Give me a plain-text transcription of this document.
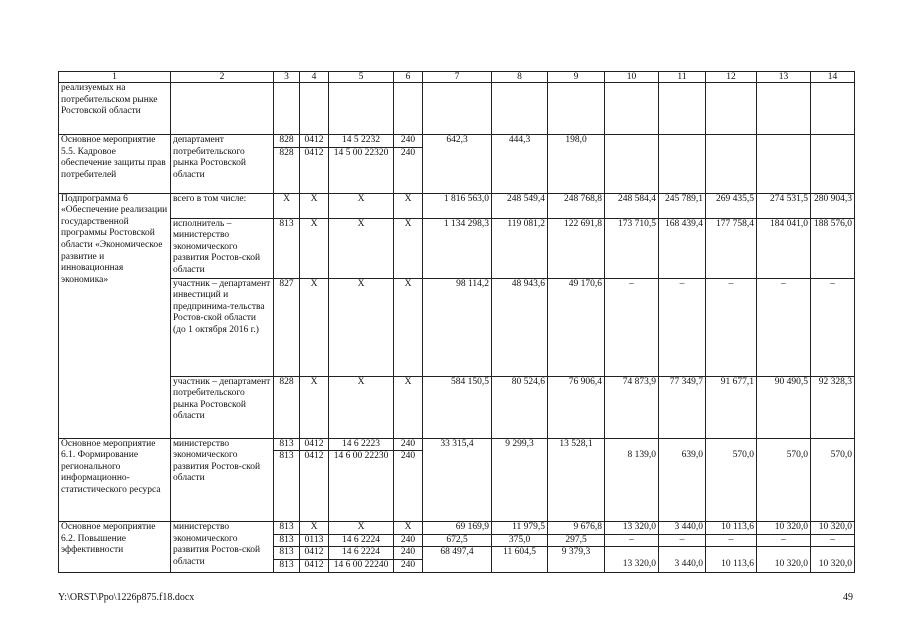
1	2	3	4	5	6	7	8	9	10	11	12	13	14
реализуемых на потребительском рынке Ростовской области													
Основное мероприятие 5.5. Кадровое обеспечение защиты прав потребителей	департамент потребительского рынка Ростовской области	828	0412	14 5 2232	240	642,3	444,3	198,0					
		828	0412	14 5 00 22320	240								
Подпрограмма 6 «Обеспечение реализации государственной программы Ростовской области «Экономическое развитие и инновационная экономика»	всего в том числе:	X	X	X	X	1 816 563,0	248 549,4	248 768,8	248 584,4	245 789,1	269 435,5	274 531,5	280 904,3
	исполнитель – министерство экономического развития Ростов-ской области	813	X	X	X	1 134 298,3	119 081,2	122 691,8	173 710,5	168 439,4	177 758,4	184 041,0	188 576,0
	участник – департамент инвестиций и предпринима-тельства Ростов-ской области (до 1 октября 2016 г.)	827	X	X	X	98 114,2	48 943,6	49 170,6	–	–	–	–	–
	участник – департамент потребительского рынка Ростовской области	828	X	X	X	584 150,5	80 524,6	76 906,4	74 873,9	77 349,7	91 677,1	90 490,5	92 328,3
Основное мероприятие 6.1. Формирование регионального информационно-статистического ресурса	министерство экономического развития Ростов-ской области	813	0412	14 6 2223	240	33 315,4	9 299,3	13 528,1	8 139,0	639,0	570,0	570,0	570,0

		813	0412	14 6 00 22230	240								
Основное мероприятие 6.2. Повышение эффективности	министерство экономического развития Ростов-ской области	813	X	X	X	69 169,9	11 979,5	9 676,8	13 320,0	3 440,0	10 113,6	10 320,0	10 320,0
		813	0113	14 6 2224	240	672,5	375,0	297,5	–	–	–	–	–
		813	0412	14 6 2224	240	68 497,4	11 604,5	9 379,3	13 320,0	3 440,0	10 113,6	10 320,0	10 320,0

		813	0412	14 6 00 22240	240								
Y:\ORST\Ppo\1226p875.f18.docx	49
